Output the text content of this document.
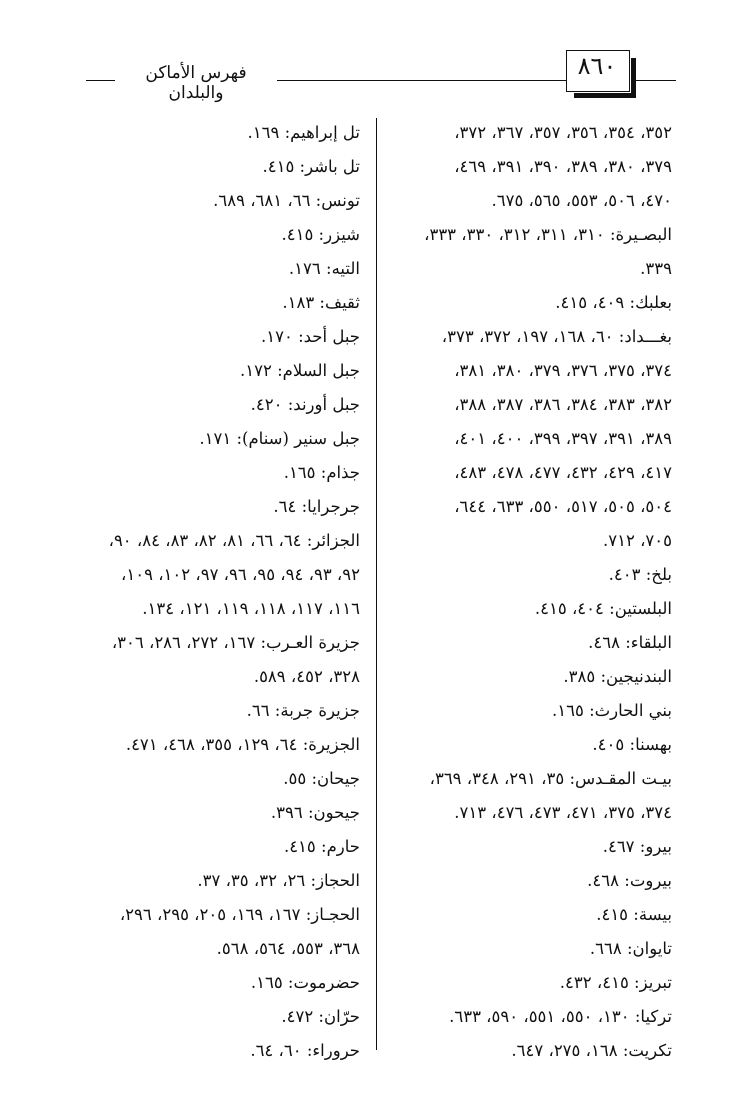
فهرس الأماكن والبلدان
٨٦٠
٣٥٢، ٣٥٤، ٣٥٦، ٣٥٧، ٣٦٧، ٣٧٢،
٣٧٩، ٣٨٠، ٣٨٩، ٣٩٠، ٣٩١، ٤٦٩،
٤٧٠، ٥٠٦، ٥٥٣، ٥٦٥، ٦٧٥.
البصـيرة: ٣١٠، ٣١١، ٣١٢، ٣٣٠، ٣٣٣،
٣٣٩.
بعلبك: ٤٠٩، ٤١٥.
بغـــداد: ٦٠، ١٦٨، ١٩٧، ٣٧٢، ٣٧٣،
٣٧٤، ٣٧٥، ٣٧٦، ٣٧٩، ٣٨٠، ٣٨١،
٣٨٢، ٣٨٣، ٣٨٤، ٣٨٦، ٣٨٧، ٣٨٨،
٣٨٩، ٣٩١، ٣٩٧، ٣٩٩، ٤٠٠، ٤٠١،
٤١٧، ٤٢٩، ٤٣٢، ٤٧٧، ٤٧٨، ٤٨٣،
٥٠٤، ٥٠٥، ٥١٧، ٥٥٠، ٦٣٣، ٦٤٤،
٧٠٥، ٧١٢.
بلخ: ٤٠٣.
البلستين: ٤٠٤، ٤١٥.
البلقاء: ٤٦٨.
البندنيجين: ٣٨٥.
بني الحارث: ١٦٥.
بهسنا: ٤٠٥.
بيـت المقـدس: ٣٥، ٢٩١، ٣٤٨، ٣٦٩،
٣٧٤، ٣٧٥، ٤٧١، ٤٧٣، ٤٧٦، ٧١٣.
بيرو: ٤٦٧.
بيروت: ٤٦٨.
بيسة: ٤١٥.
تايوان: ٦٦٨.
تبريز: ٤١٥، ٤٣٢.
تركيا: ١٣٠، ٥٥٠، ٥٥١، ٥٩٠، ٦٣٣.
تكريت: ١٦٨، ٢٧٥، ٦٤٧.
تل إبراهيم: ١٦٩.
تل باشر: ٤١٥.
تونس: ٦٦، ٦٨١، ٦٨٩.
شيزر: ٤١٥.
التيه: ١٧٦.
ثقيف: ١٨٣.
جبل أحد: ١٧٠.
جبل السلام: ١٧٢.
جبل أورند: ٤٢٠.
جبل سنير (سنام): ١٧١.
جذام: ١٦٥.
جرجرايا: ٦٤.
الجزائر: ٦٤، ٦٦، ٨١، ٨٢، ٨٣، ٨٤، ٩٠،
٩٢، ٩٣، ٩٤، ٩٥، ٩٦، ٩٧، ١٠٢، ١٠٩،
١١٦، ١١٧، ١١٨، ١١٩، ١٢١، ١٣٤.
جزيرة العـرب: ١٦٧، ٢٧٢، ٢٨٦، ٣٠٦،
٣٢٨، ٤٥٢، ٥٨٩.
جزيرة جربة: ٦٦.
الجزيرة: ٦٤، ١٢٩، ٣٥٥، ٤٦٨، ٤٧١.
جيحان: ٥٥.
جيحون: ٣٩٦.
حارم: ٤١٥.
الحجاز: ٢٦، ٣٢، ٣٥، ٣٧.
الحجـاز: ١٦٧، ١٦٩، ٢٠٥، ٢٩٥، ٢٩٦،
٣٦٨، ٥٥٣، ٥٦٤، ٥٦٨.
حضرموت: ١٦٥.
حرّان: ٤٧٢.
حروراء: ٦٠، ٦٤.
